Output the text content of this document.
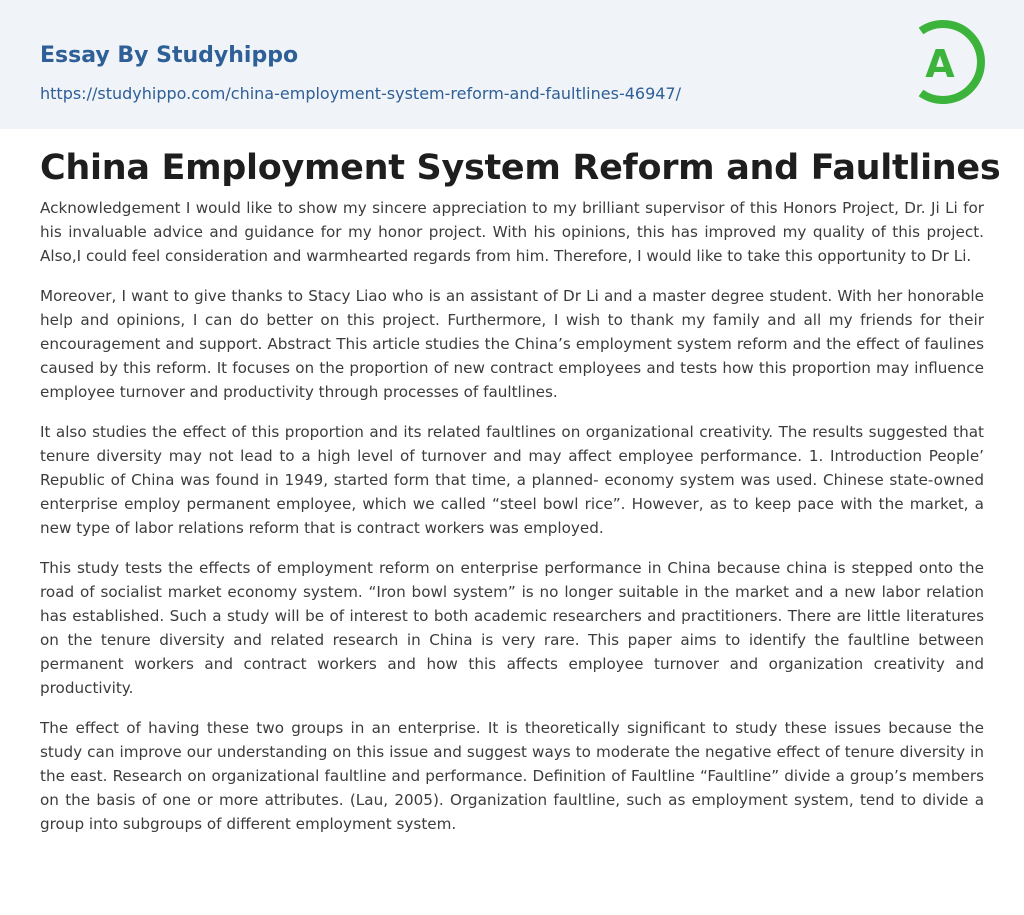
Essay By Studyhippo
https://studyhippo.com/china-employment-system-reform-and-faultlines-46947/
A
China Employment System Reform and Faultlines

Acknowledgement I would like to show my sincere appreciation to my brilliant supervisor of this Honors Project, Dr. Ji Li for his invaluable advice and guidance for my honor project. With his opinions, this has improved my quality of this project. Also,I could feel consideration and warmhearted regards from him. Therefore, I would like to take this opportunity to Dr Li.

Moreover, I want to give thanks to Stacy Liao who is an assistant of Dr Li and a master degree student. With her honorable help and opinions, I can do better on this project. Furthermore, I wish to thank my family and all my friends for their encouragement and support. Abstract This article studies the China’s employment system reform and the effect of faulines caused by this reform. It focuses on the proportion of new contract employees and tests how this proportion may influence employee turnover and productivity through processes of faultlines.

It also studies the effect of this proportion and its related faultlines on organizational creativity. The results suggested that tenure diversity may not lead to a high level of turnover and may affect employee performance. 1. Introduction People’ Republic of China was found in 1949, started form that time, a planned- economy system was used. Chinese state-owned enterprise employ permanent employee, which we called “steel bowl rice”. However, as to keep pace with the market, a new type of labor relations reform that is contract workers was employed.

This study tests the effects of employment reform on enterprise performance in China because china is stepped onto the road of socialist market economy system. “Iron bowl system” is no longer suitable in the market and a new labor relation has established. Such a study will be of interest to both academic researchers and practitioners. There are little literatures on the tenure diversity and related research in China is very rare. This paper aims to identify the faultline between permanent workers and contract workers and how this affects employee turnover and organization creativity and productivity.

The effect of having these two groups in an enterprise. It is theoretically significant to study these issues because the study can improve our understanding on this issue and suggest ways to moderate the negative effect of tenure diversity in the east. Research on organizational faultline and performance. Definition of Faultline “Faultline” divide a group’s members on the basis of one or more attributes. (Lau, 2005). Organization faultline, such as employment system, tend to divide a group into subgroups of different employment system.
